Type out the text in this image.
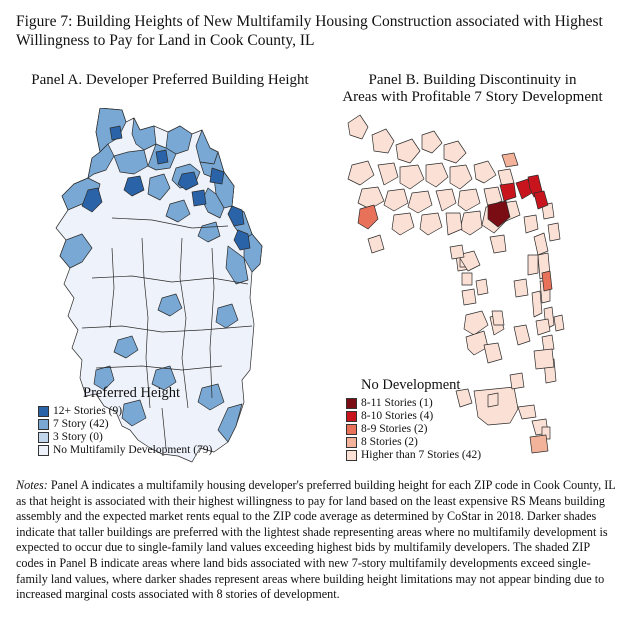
Figure 7: Building Heights of New Multifamily Housing Construction associated with Highest Willingness to Pay for Land in Cook County, IL
Panel A. Developer Preferred Building Height	Panel B. Building Discontinuity in
Areas with Profitable 7 Story Development
Preferred Height
12+ Stories (9)
7 Story (42)
3 Story (0)
No Multifamily Development (79)
No Development
8-11 Stories (1)
8-10 Stories (4)
8-9 Stories (2)
8 Stories (2)
Higher than 7 Stories (42)
Notes: Panel A indicates a multifamily housing developer's preferred building height for each ZIP code in Cook County, IL as that height is associated with their highest willingness to pay for land based on the least expensive RS Means building assembly and the expected market rents equal to the ZIP code average as determined by CoStar in 2018. Darker shades indicate that taller buildings are preferred with the lightest shade representing areas where no multifamily development is expected to occur due to single-family land values exceeding highest bids by multifamily developers. The shaded ZIP codes in Panel B indicate areas where land bids associated with new 7-story multifamily developments exceed single-family land values, where darker shades represent areas where building height limitations may not appear binding due to increased marginal costs associated with 8 stories of development.
